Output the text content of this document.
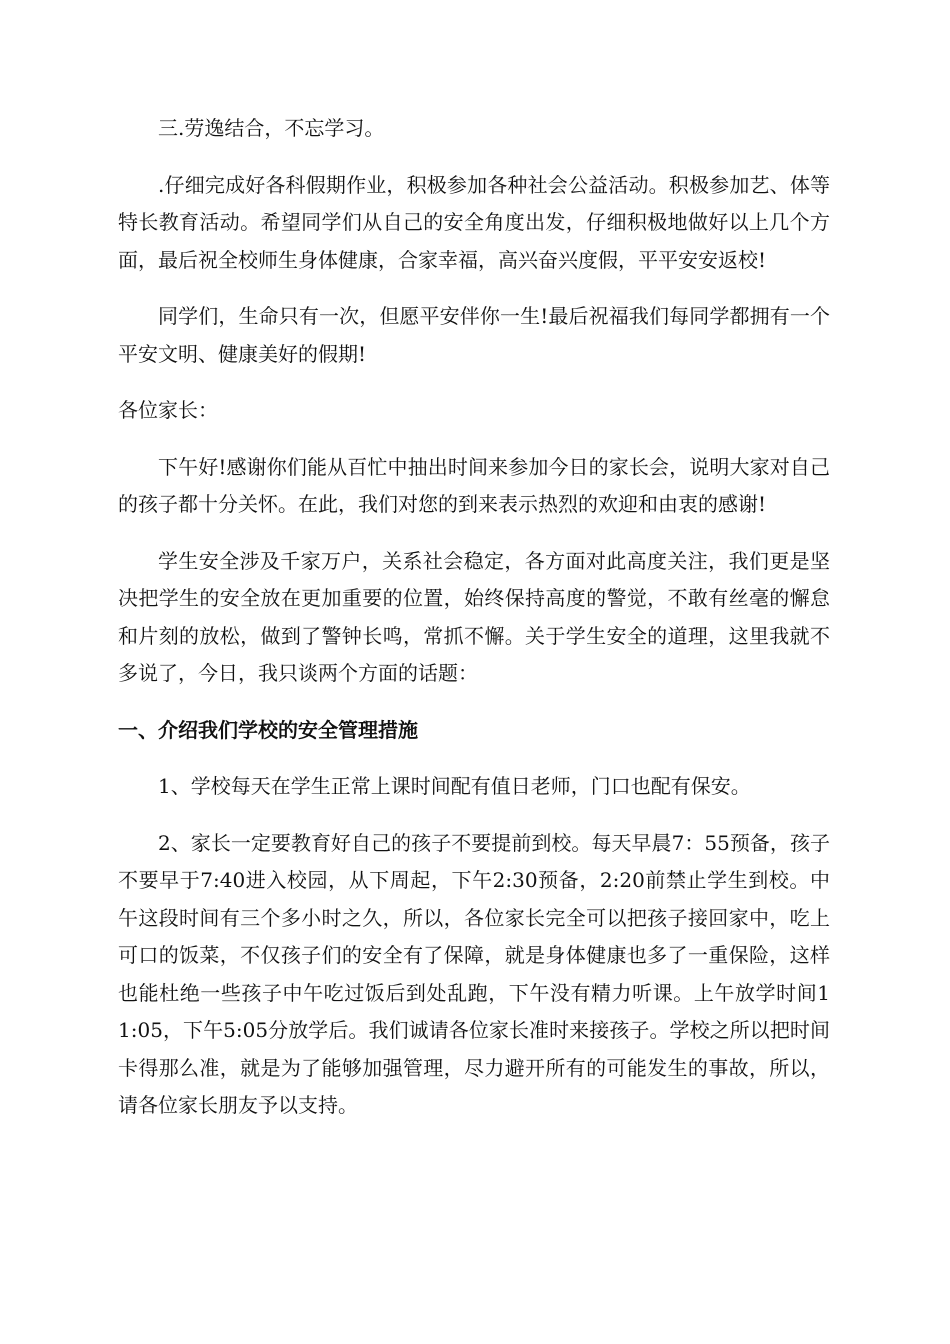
三.劳逸结合，不忘学习。

.仔细完成好各科假期作业，积极参加各种社会公益活动。积极参加艺、体等特长教育活动。希望同学们从自己的安全角度出发，仔细积极地做好以上几个方面，最后祝全校师生身体健康，合家幸福，高兴奋兴度假，平平安安返校!

同学们，生命只有一次，但愿平安伴你一生!最后祝福我们每同学都拥有一个平安文明、健康美好的假期!

各位家长：

下午好!感谢你们能从百忙中抽出时间来参加今日的家长会，说明大家对自己的孩子都十分关怀。在此，我们对您的到来表示热烈的欢迎和由衷的感谢!

学生安全涉及千家万户，关系社会稳定，各方面对此高度关注，我们更是坚决把学生的安全放在更加重要的位置，始终保持高度的警觉，不敢有丝毫的懈怠和片刻的放松，做到了警钟长鸣，常抓不懈。关于学生安全的道理，这里我就不多说了，今日，我只谈两个方面的话题：

一、介绍我们学校的安全管理措施

1、学校每天在学生正常上课时间配有值日老师，门口也配有保安。

2、家长一定要教育好自己的孩子不要提前到校。每天早晨7：55预备，孩子不要早于7:40进入校园，从下周起，下午2:30预备，2:20前禁止学生到校。中午这段时间有三个多小时之久，所以，各位家长完全可以把孩子接回家中，吃上可口的饭菜，不仅孩子们的安全有了保障，就是身体健康也多了一重保险，这样也能杜绝一些孩子中午吃过饭后到处乱跑，下午没有精力听课。上午放学时间11:05，下午5:05分放学后。我们诚请各位家长准时来接孩子。学校之所以把时间卡得那么准，就是为了能够加强管理，尽力避开所有的可能发生的事故，所以，请各位家长朋友予以支持。
